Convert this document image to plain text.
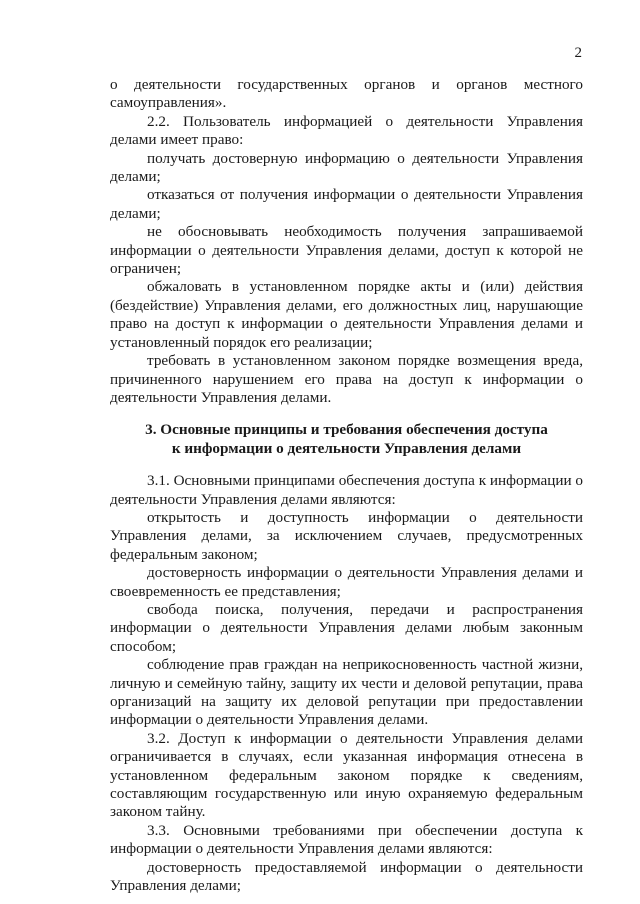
2

о деятельности государственных органов и органов местного самоуправления».

2.2. Пользователь информацией о деятельности Управления делами имеет право:

получать достоверную информацию о деятельности Управления делами;

отказаться от получения информации о деятельности Управления делами;

не обосновывать необходимость получения запрашиваемой информации о деятельности Управления делами, доступ к которой не ограничен;

обжаловать в установленном порядке акты и (или) действия (бездействие) Управления делами, его должностных лиц, нарушающие право на доступ к информации о деятельности Управления делами и установленный порядок его реализации;

требовать в установленном законом порядке возмещения вреда, причиненного нарушением его права на доступ к информации о деятельности Управления делами.

3. Основные принципы и требования обеспечения доступа
к информации о деятельности Управления делами

3.1. Основными принципами обеспечения доступа к информации о деятельности Управления делами являются:

открытость и доступность информации о деятельности Управления делами, за исключением случаев, предусмотренных федеральным законом;

достоверность информации о деятельности Управления делами и своевременность ее представления;

свобода поиска, получения, передачи и распространения информации о деятельности Управления делами любым законным способом;

соблюдение прав граждан на неприкосновенность частной жизни, личную и семейную тайну, защиту их чести и деловой репутации, права организаций на защиту их деловой репутации при предоставлении информации о деятельности Управления делами.

3.2. Доступ к информации о деятельности Управления делами ограничивается в случаях, если указанная информация отнесена в установленном федеральным законом порядке к сведениям, составляющим государственную или иную охраняемую федеральным законом тайну.

3.3. Основными требованиями при обеспечении доступа к информации о деятельности Управления делами являются:

достоверность предоставляемой информации о деятельности Управления делами;
